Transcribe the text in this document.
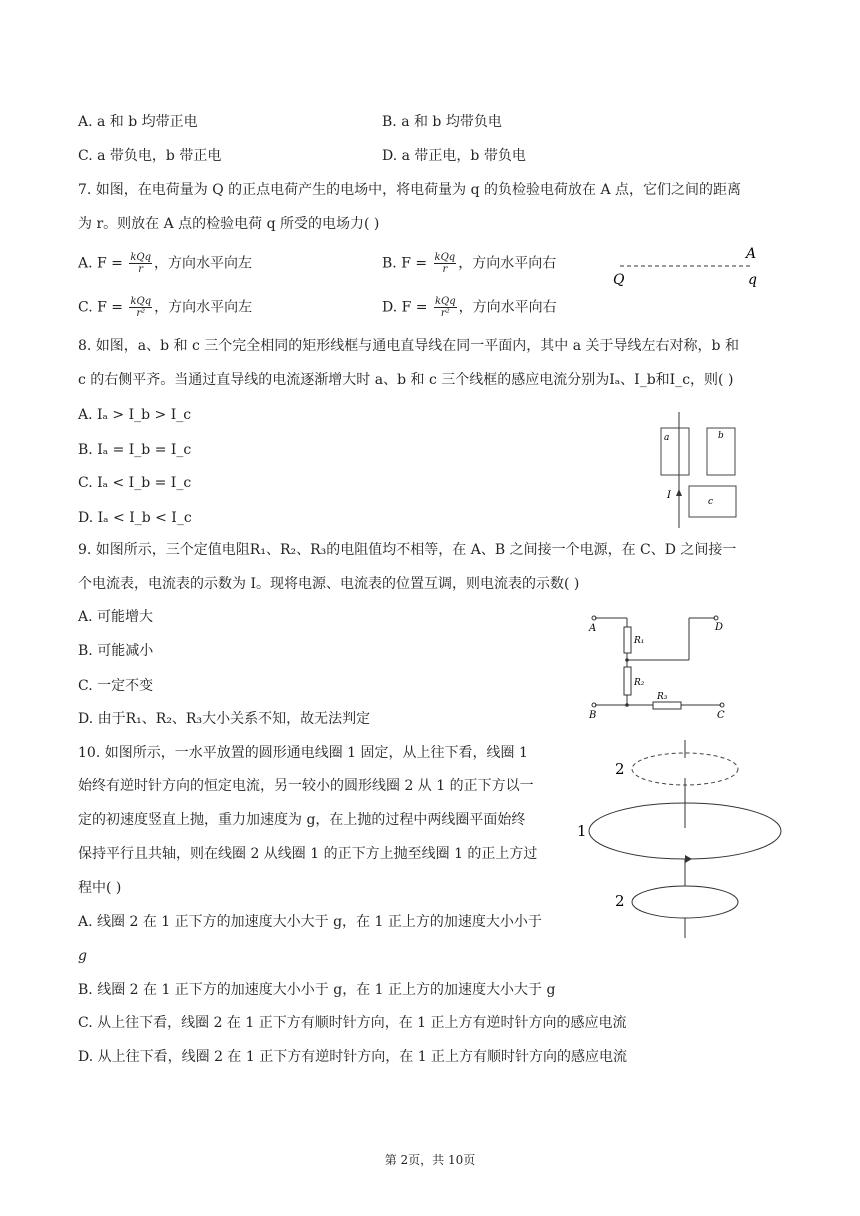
A. a 和 b 均带正电	B. a 和 b 均带负电
C. a 带负电，b 带正电	D. a 带正电，b 带负电
7. 如图，在电荷量为 Q 的正点电荷产生的电场中，将电荷量为 q 的负检验电荷放在 A 点，它们之间的距离
为 r。则放在 A 点的检验电荷 q 所受的电场力( )
A. $F = \frac{\text{kQq}}{r}$ ，方向水平向左	B. $F = \frac{\text{kQq}}{r}$ ，方向水平向右
C. $F = \frac{\text{kQq}}{\text{r²}}$ ，方向水平向左	D. $F = \frac{\text{kQq}}{\text{r²}}$ ，方向水平向右
Q
A
q
8. 如图，a、b 和 c 三个完全相同的矩形线框与通电直导线在同一平面内，其中 a 关于导线左右对称，b 和
c 的右侧平齐。当通过直导线的电流逐渐增大时 a、b 和 c 三个线框的感应电流分别为Iₐ、I_b和I_c，则( )
A. Iₐ > I_b > I_c
B. Iₐ = I_b = I_c
C. Iₐ < I_b = I_c
D. Iₐ < I_b < I_c
a	b
c
I
9. 如图所示，三个定值电阻R₁、R₂、R₃的电阻值均不相等，在 A、B 之间接一个电源，在 C、D 之间接一
个电流表，电流表的示数为 I。现将电源、电流表的位置互调，则电流表的示数( )
A. 可能增大
B. 可能减小
C. 一定不变
D. 由于R₁、R₂、R₃大小关系不知，故无法判定
A	D
B	C
R₁
R₂
R₃
10. 如图所示，一水平放置的圆形通电线圈 1 固定，从上往下看，线圈 1
始终有逆时针方向的恒定电流，另一较小的圆形线圈 2 从 1 的正下方以一
定的初速度竖直上抛，重力加速度为 g，在上抛的过程中两线圈平面始终
保持平行且共轴，则在线圈 2 从线圈 1 的正下方上抛至线圈 1 的正上方过
程中( )
A. 线圈 2 在 1 正下方的加速度大小大于 g，在 1 正上方的加速度大小小于
g
B. 线圈 2 在 1 正下方的加速度大小小于 g，在 1 正上方的加速度大小大于 g
C. 从上往下看，线圈 2 在 1 正下方有顺时针方向，在 1 正上方有逆时针方向的感应电流
D. 从上往下看，线圈 2 在 1 正下方有逆时针方向，在 1 正上方有顺时针方向的感应电流
2
1
2
第 2页，共 10页
